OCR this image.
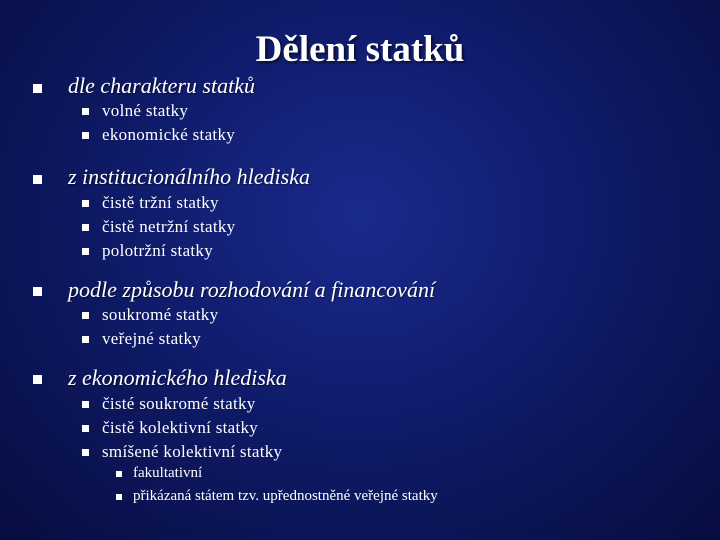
Dělení statků
dle charakteru statků
volné statky
ekonomické statky
z institucionálního hlediska
čistě tržní statky
čistě netržní statky
polotržní statky
podle způsobu rozhodování a financování
soukromé statky
veřejné statky
z ekonomického hlediska
čisté soukromé statky
čistě kolektivní statky
smíšené kolektivní statky
fakultativní
přikázaná státem tzv. upřednostněné veřejné statky
